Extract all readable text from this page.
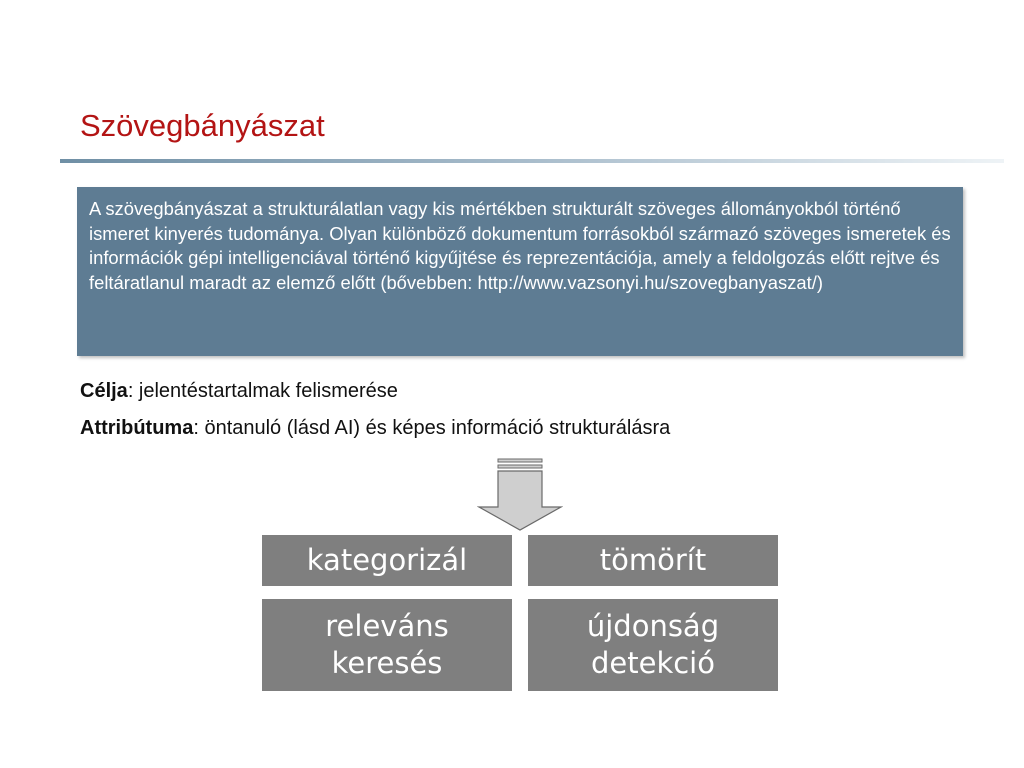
Szövegbányászat

A szövegbányászat a strukturálatlan vagy kis mértékben strukturált szöveges állományokból történő ismeret kinyerés tudománya. Olyan különböző dokumentum forrásokból származó szöveges ismeretek és információk gépi intelligenciával történő kigyűjtése és reprezentációja, amely a feldolgozás előtt rejtve és feltáratlanul maradt az elemző előtt (bővebben: http://www.vazsonyi.hu/szovegbanyaszat/)

Célja: jelentéstartalmak felismerése
Attribútuma: öntanuló (lásd AI) és képes információ strukturálásra
kategorizál	tömörít
releváns
keresés
újdonság
detekció
